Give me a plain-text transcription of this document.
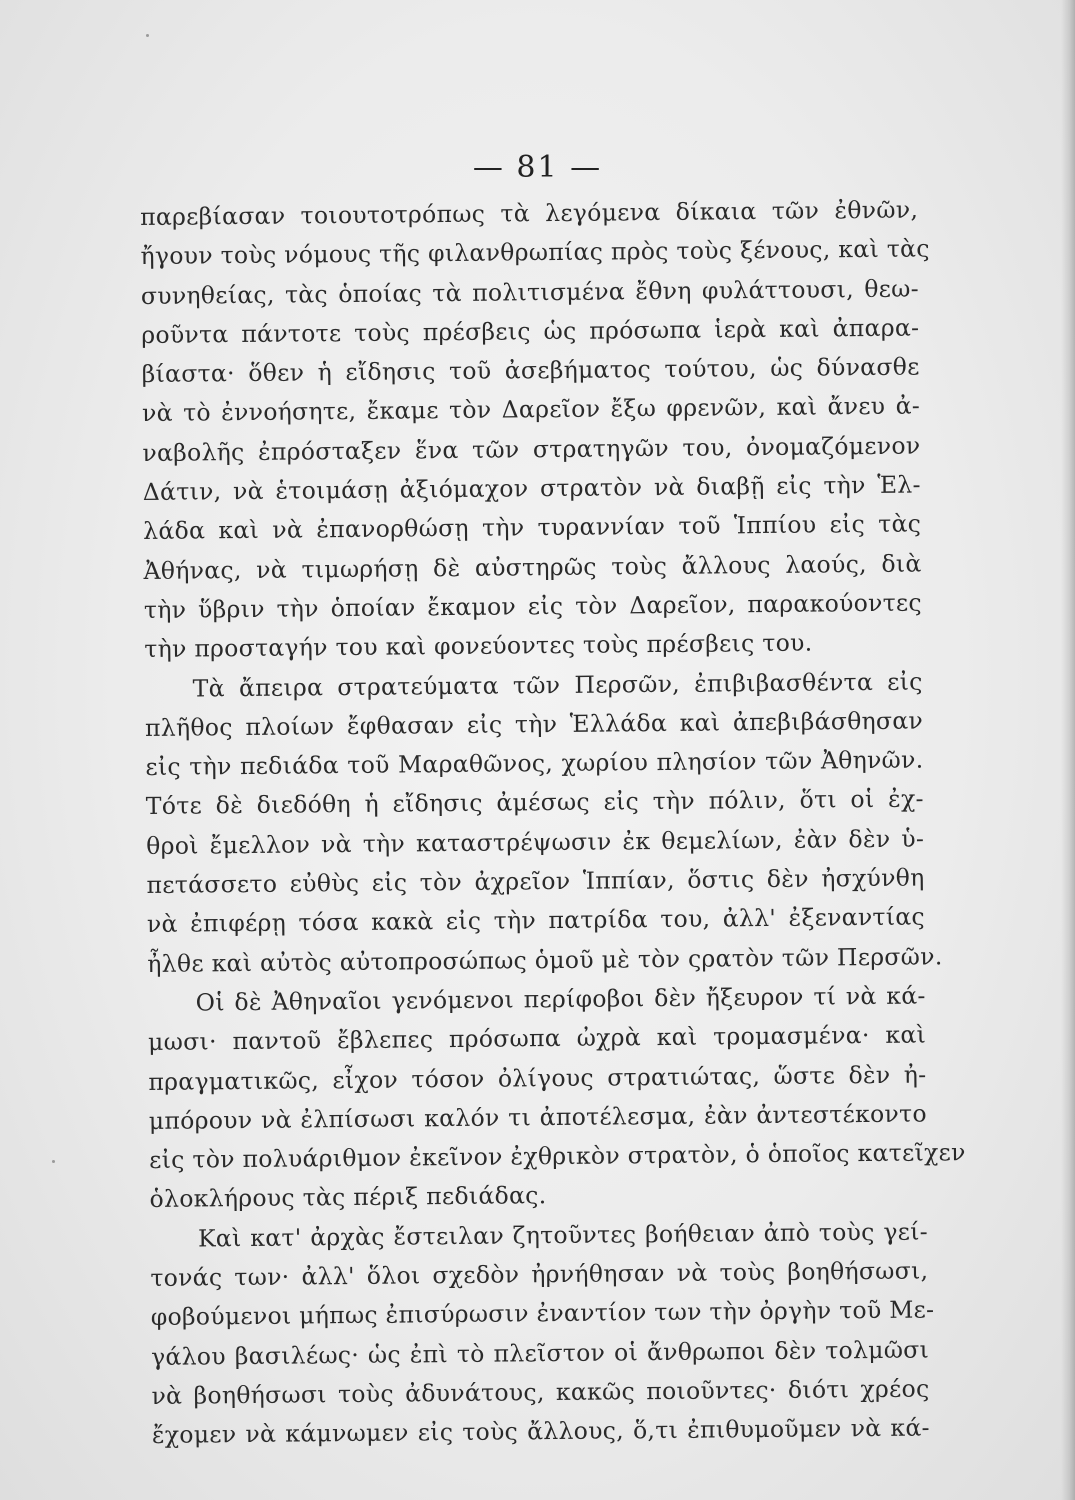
— 81 —
παρεβίασαν τοιουτοτρόπως τὰ λεγόμενα δίκαια τῶν ἐθνῶν,
ἤγουν τοὺς νόμους τῆς φιλανθρωπίας πρὸς τοὺς ξένους, καὶ τὰς
συνηθείας, τὰς ὁποίας τὰ πολιτισμένα ἔθνη φυλάττουσι, θεω-
ροῦντα πάντοτε τοὺς πρέσβεις ὡς πρόσωπα ἱερὰ καὶ ἀπαρα-
βίαστα· ὅθεν ἡ εἴδησις τοῦ ἀσεβήματος τούτου, ὡς δύνασθε
νὰ τὸ ἐννοήσητε, ἔκαμε τὸν Δαρεῖον ἔξω φρενῶν, καὶ ἄνευ ἀ-
ναβολῆς ἐπρόσταξεν ἕνα τῶν στρατηγῶν του, ὀνομαζόμενον
Δάτιν, νὰ ἑτοιμάσῃ ἀξιόμαχον στρατὸν νὰ διαβῇ εἰς τὴν Ἑλ-
λάδα καὶ νὰ ἐπανορθώσῃ τὴν τυραννίαν τοῦ Ἱππίου εἰς τὰς
Ἀθήνας, νὰ τιμωρήσῃ δὲ αὐστηρῶς τοὺς ἄλλους λαούς, διὰ
τὴν ὕβριν τὴν ὁποίαν ἔκαμον εἰς τὸν Δαρεῖον, παρακούοντες
τὴν προσταγήν του καὶ φονεύοντες τοὺς πρέσβεις του.
Τὰ ἄπειρα στρατεύματα τῶν Περσῶν, ἐπιβιβασθέντα εἰς
πλῆθος πλοίων ἔφθασαν εἰς τὴν Ἑλλάδα καὶ ἀπεβιβάσθησαν
εἰς τὴν πεδιάδα τοῦ Μαραθῶνος, χωρίου πλησίον τῶν Ἀθηνῶν.
Τότε δὲ διεδόθη ἡ εἴδησις ἀμέσως εἰς τὴν πόλιν, ὅτι οἱ ἐχ-
θροὶ ἔμελλον νὰ τὴν καταστρέψωσιν ἐκ θεμελίων, ἐὰν δὲν ὑ-
πετάσσετο εὐθὺς εἰς τὸν ἀχρεῖον Ἱππίαν, ὅστις δὲν ἠσχύνθη
νὰ ἐπιφέρῃ τόσα κακὰ εἰς τὴν πατρίδα του, ἀλλ' ἐξεναντίας
ἦλθε καὶ αὐτὸς αὐτοπροσώπως ὁμοῦ μὲ τὸν ςρατὸν τῶν Περσῶν.
Οἱ δὲ Ἀθηναῖοι γενόμενοι περίφοβοι δὲν ἤξευρον τί νὰ κά-
μωσι· παντοῦ ἔβλεπες πρόσωπα ὠχρὰ καὶ τρομασμένα· καὶ
πραγματικῶς, εἶχον τόσον ὀλίγους στρατιώτας, ὥστε δὲν ἠ-
μπόρουν νὰ ἐλπίσωσι καλόν τι ἀποτέλεσμα, ἐὰν ἀντεστέκοντο
εἰς τὸν πολυάριθμον ἐκεῖνον ἐχθρικὸν στρατὸν, ὁ ὁποῖος κατεῖχεν
ὁλοκλήρους τὰς πέριξ πεδιάδας.
Καὶ κατ' ἀρχὰς ἔστειλαν ζητοῦντες βοήθειαν ἀπὸ τοὺς γεί-
τονάς των· ἀλλ' ὅλοι σχεδὸν ἠρνήθησαν νὰ τοὺς βοηθήσωσι,
φοβούμενοι μήπως ἐπισύρωσιν ἐναντίον των τὴν ὀργὴν τοῦ Με-
γάλου βασιλέως· ὡς ἐπὶ τὸ πλεῖστον οἱ ἄνθρωποι δὲν τολμῶσι
νὰ βοηθήσωσι τοὺς ἀδυνάτους, κακῶς ποιοῦντες· διότι χρέος
ἔχομεν νὰ κάμνωμεν εἰς τοὺς ἄλλους, ὅ,τι ἐπιθυμοῦμεν νὰ κά-
